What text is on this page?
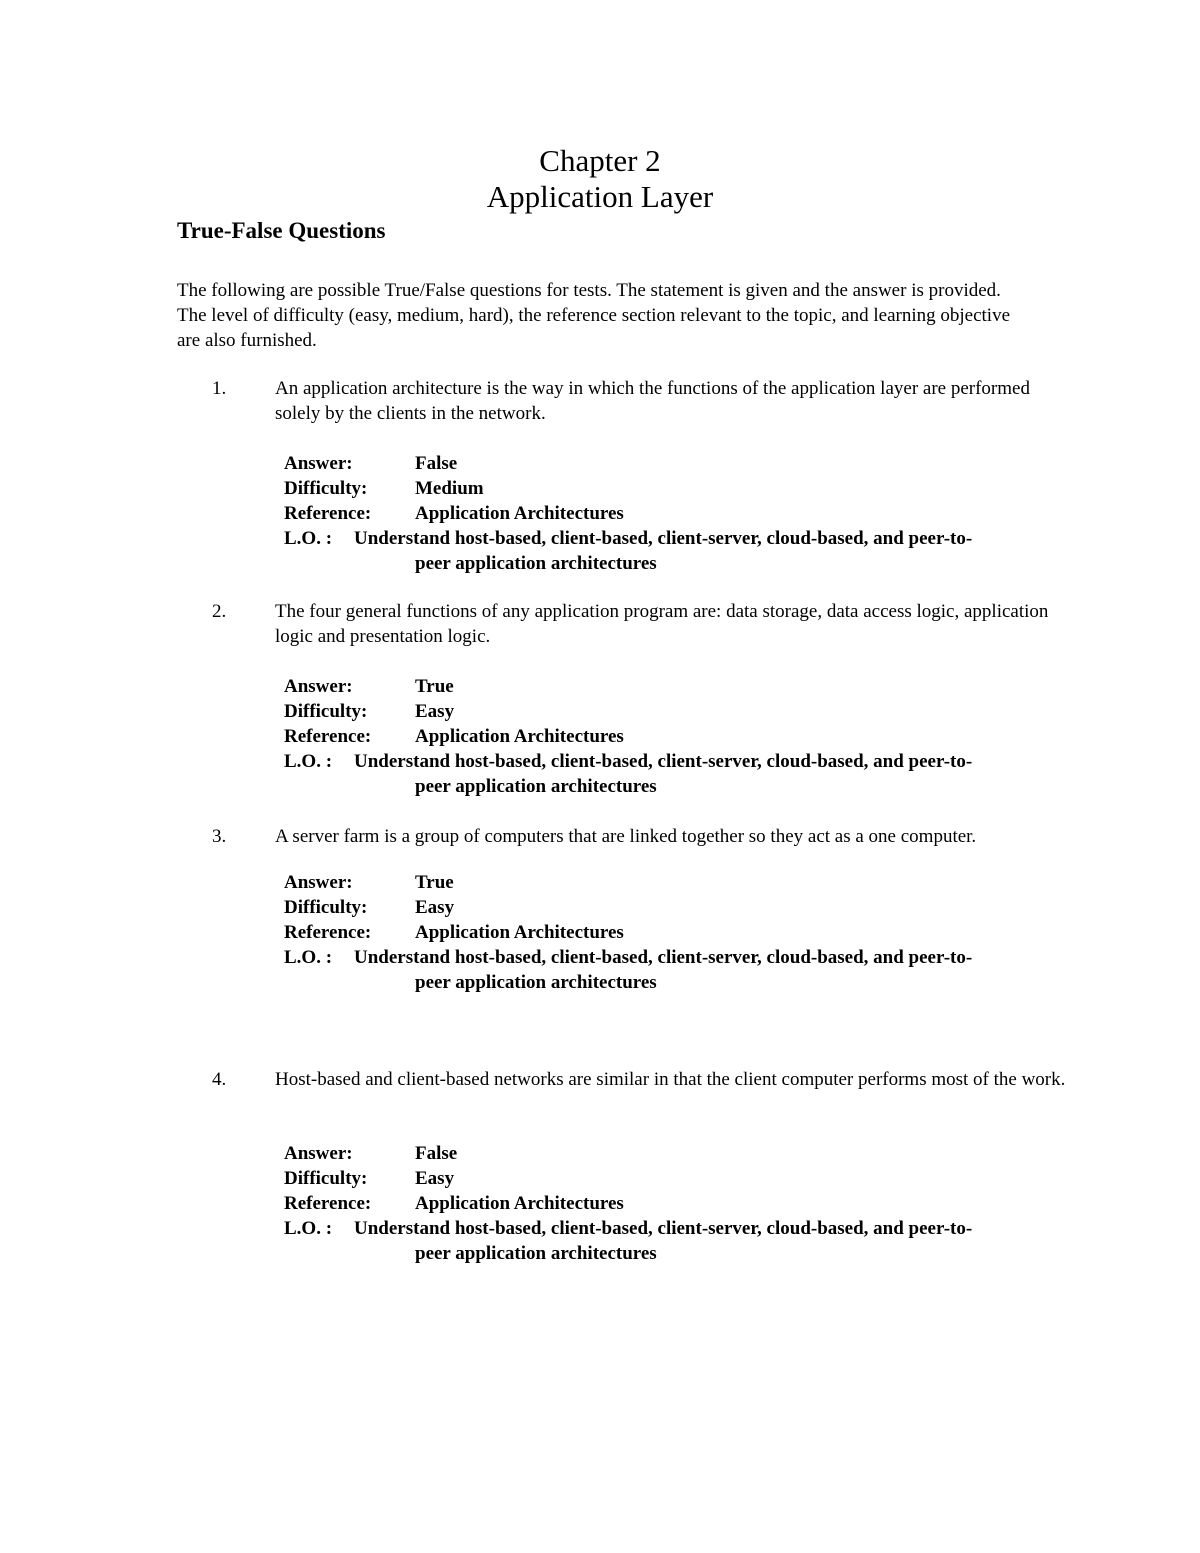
Chapter 2
Application Layer
True-False Questions
The following are possible True/False questions for tests. The statement is given and the answer is provided. The level of difficulty (easy, medium, hard), the reference section relevant to the topic, and learning objective are also furnished.
1.	An application architecture is the way in which the functions of the application layer are performed solely by the clients in the network.
Answer:	False
Difficulty:	Medium
Reference: Application Architectures
L.O. : Understand host-based, client-based, client-server, cloud-based, and peer-to-
peer application architectures
2.	The four general functions of any application program are: data storage, data access logic, application logic and presentation logic.
Answer:	True
Difficulty:	Easy
Reference: Application Architectures
L.O. : Understand host-based, client-based, client-server, cloud-based, and peer-to-
peer application architectures
3.	A server farm is a group of computers that are linked together so they act as a one computer.
Answer:	True
Difficulty:	Easy
Reference: Application Architectures
L.O. : Understand host-based, client-based, client-server, cloud-based, and peer-to-
peer application architectures
4.	Host-based and client-based networks are similar in that the client computer performs most of the work.
Answer:	False
Difficulty:	Easy
Reference: Application Architectures
L.O. : Understand host-based, client-based, client-server, cloud-based, and peer-to-
peer application architectures
